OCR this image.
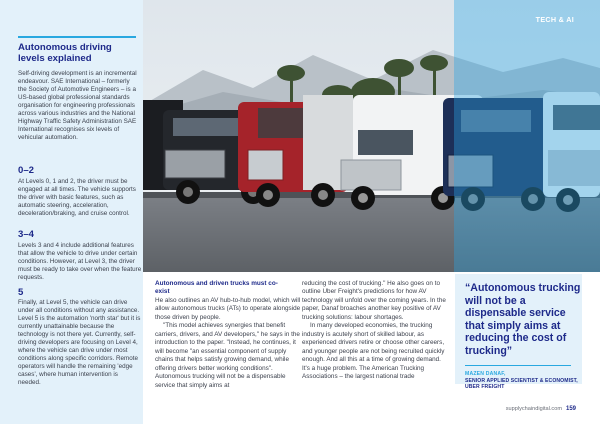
Autonomous driving levels explained
Self-driving development is an incremental endeavour. SAE International – formerly the Society of Automotive Engineers – is a US-based global professional standards organisation for engineering professionals across various industries and the National Highway Traffic Safety Administration SAE International recognises six levels of vehicular automation.
0–2
At Levels 0, 1 and 2, the driver must be engaged at all times. The vehicle supports the driver with basic features, such as automatic steering, acceleration, deceleration/braking, and cruise control.
3–4
Levels 3 and 4 include additional features that allow the vehicle to drive under certain conditions. However, at Level 3, the driver must be ready to take over when the feature requests.
5
Finally, at Level 5, the vehicle can drive under all conditions without any assistance. Level 5 is the automation 'north star' but it is currently unattainable because the technology is not there yet. Currently, self-driving developers are focusing on Level 4, where the vehicle can drive under most conditions along specific corridors. Remote operators will handle the remaining 'edge cases', where human intervention is needed.
TECH & AI
Autonomous and driven trucks must co-exist

He also outlines an AV hub-to-hub model, which will allow autonomous trucks (ATs) to operate alongside those driven by people.

"This model achieves synergies that benefit carriers, drivers, and AV developers," he says in the introduction to the paper. "Instead, he continues, it will become "an essential component of supply chains that helps satisfy growing demand, while offering drivers better working conditions". Autonomous trucking will not be a dispensable service that simply aims at

reducing the cost of trucking." He also goes on to outline Uber Freight's predictions for how AV technology will unfold over the coming years. In the paper, Danaf broaches another key positive of AV trucking solutions: labour shortages.

In many developed economies, the trucking industry is acutely short of skilled labour, as experienced drivers retire or choose other careers, and younger people are not being recruited quickly enough. And all this at a time of growing demand. It's a huge problem. The American Trucking Associations – the largest national trade

“Autonomous trucking will not be a dispensable service that simply aims at reducing the cost of trucking”
MAZEN DANAF,
SENIOR APPLIED SCIENTIST & ECONOMIST, UBER FREIGHT
supplychaindigital.com 159
